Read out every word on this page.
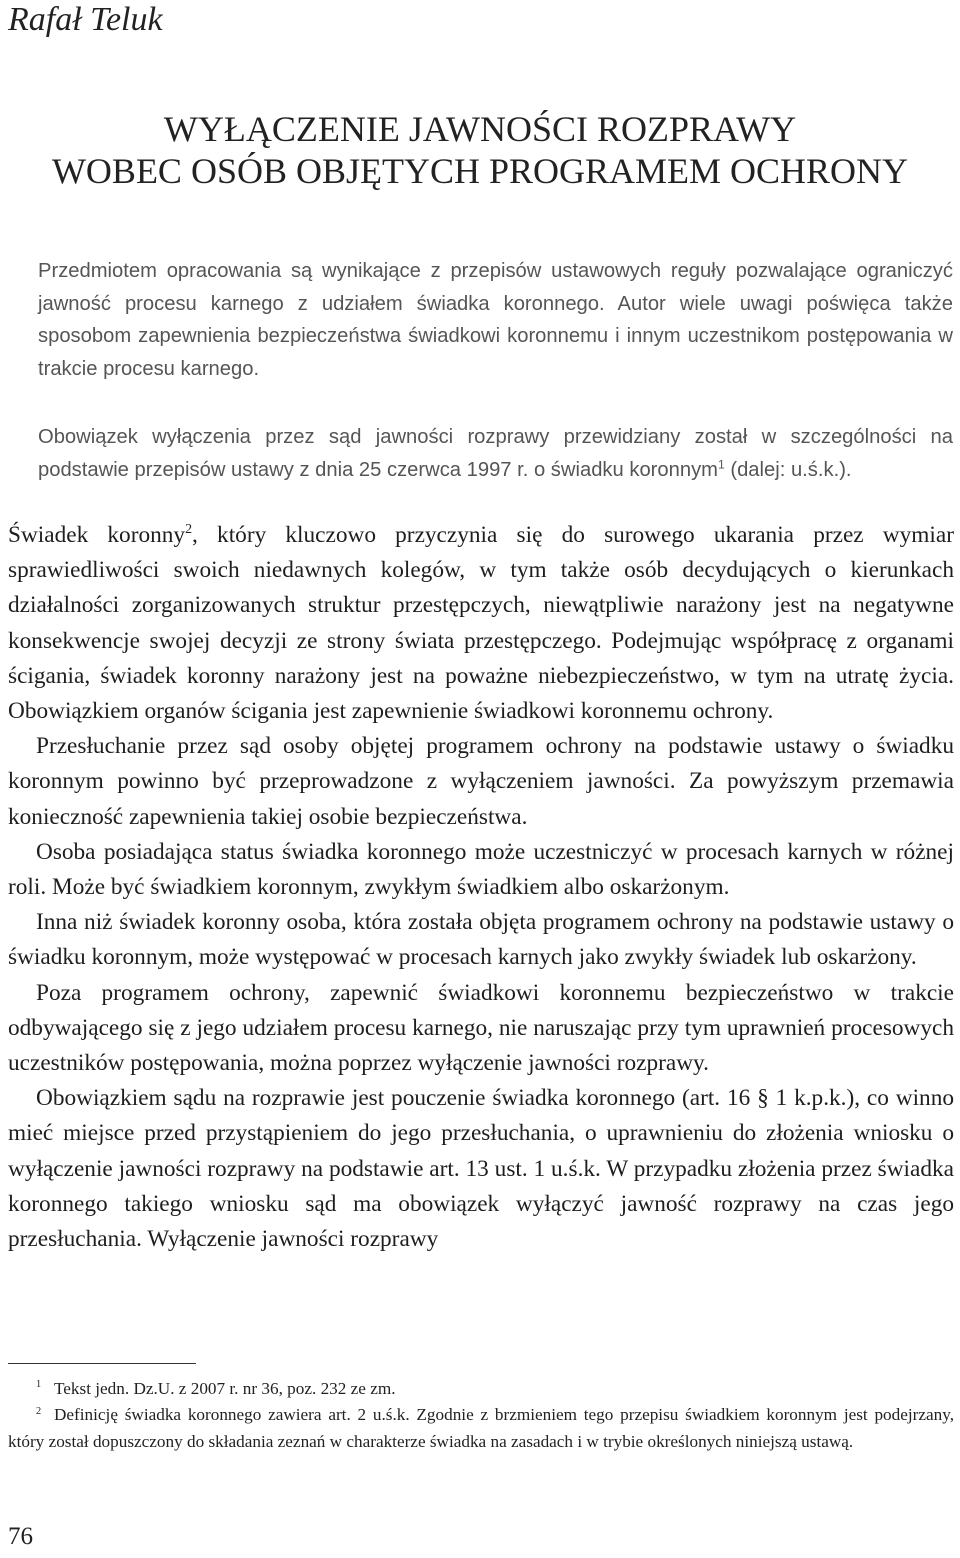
Rafał Teluk
WYŁĄCZENIE JAWNOŚCI ROZPRAWY
WOBEC OSÓB OBJĘTYCH PROGRAMEM OCHRONY

Przedmiotem opracowania są wynikające z przepisów ustawowych reguły pozwalające ograniczyć jawność procesu karnego z udziałem świadka koronnego. Autor wiele uwagi poświęca także sposobom zapewnienia bezpieczeństwa świadkowi koronnemu i innym uczestnikom postępowania w trakcie procesu karnego.

Obowiązek wyłączenia przez sąd jawności rozprawy przewidziany został w szczególności na podstawie przepisów ustawy z dnia 25 czerwca 1997 r. o świadku koronnym$^1$ (dalej: u.ś.k.).

Świadek koronny$^2$, który kluczowo przyczynia się do surowego ukarania przez wymiar sprawiedliwości swoich niedawnych kolegów, w tym także osób decydujących o kierunkach działalności zorganizowanych struktur przestępczych, niewątpliwie narażony jest na negatywne konsekwencje swojej decyzji ze strony świata przestępczego. Podejmując współpracę z organami ścigania, świadek koronny narażony jest na poważne niebezpieczeństwo, w tym na utratę życia. Obowiązkiem organów ścigania jest zapewnienie świadkowi koronnemu ochrony.

Przesłuchanie przez sąd osoby objętej programem ochrony na podstawie ustawy o świadku koronnym powinno być przeprowadzone z wyłączeniem jawności. Za powyższym przemawia konieczność zapewnienia takiej osobie bezpieczeństwa.

Osoba posiadająca status świadka koronnego może uczestniczyć w procesach karnych w różnej roli. Może być świadkiem koronnym, zwykłym świadkiem albo oskarżonym.

Inna niż świadek koronny osoba, która została objęta programem ochrony na podstawie ustawy o świadku koronnym, może występować w procesach karnych jako zwykły świadek lub oskarżony.

Poza programem ochrony, zapewnić świadkowi koronnemu bezpieczeństwo w trakcie odbywającego się z jego udziałem procesu karnego, nie naruszając przy tym uprawnień procesowych uczestników postępowania, można poprzez wyłączenie jawności rozprawy.

Obowiązkiem sądu na rozprawie jest pouczenie świadka koronnego (art. 16 § 1 k.p.k.), co winno mieć miejsce przed przystąpieniem do jego przesłuchania, o uprawnieniu do złożenia wniosku o wyłączenie jawności rozprawy na podstawie art. 13 ust. 1 u.ś.k. W przypadku złożenia przez świadka koronnego takiego wniosku sąd ma obowiązek wyłączyć jawność rozprawy na czas jego przesłuchania. Wyłączenie jawności rozprawy

$^1$ Tekst jedn. Dz.U. z 2007 r. nr 36, poz. 232 ze zm.

$^2$ Definicję świadka koronnego zawiera art. 2 u.ś.k. Zgodnie z brzmieniem tego przepisu świadkiem koronnym jest podejrzany, który został dopuszczony do składania zeznań w charakterze świadka na zasadach i w trybie określonych niniejszą ustawą.

76
